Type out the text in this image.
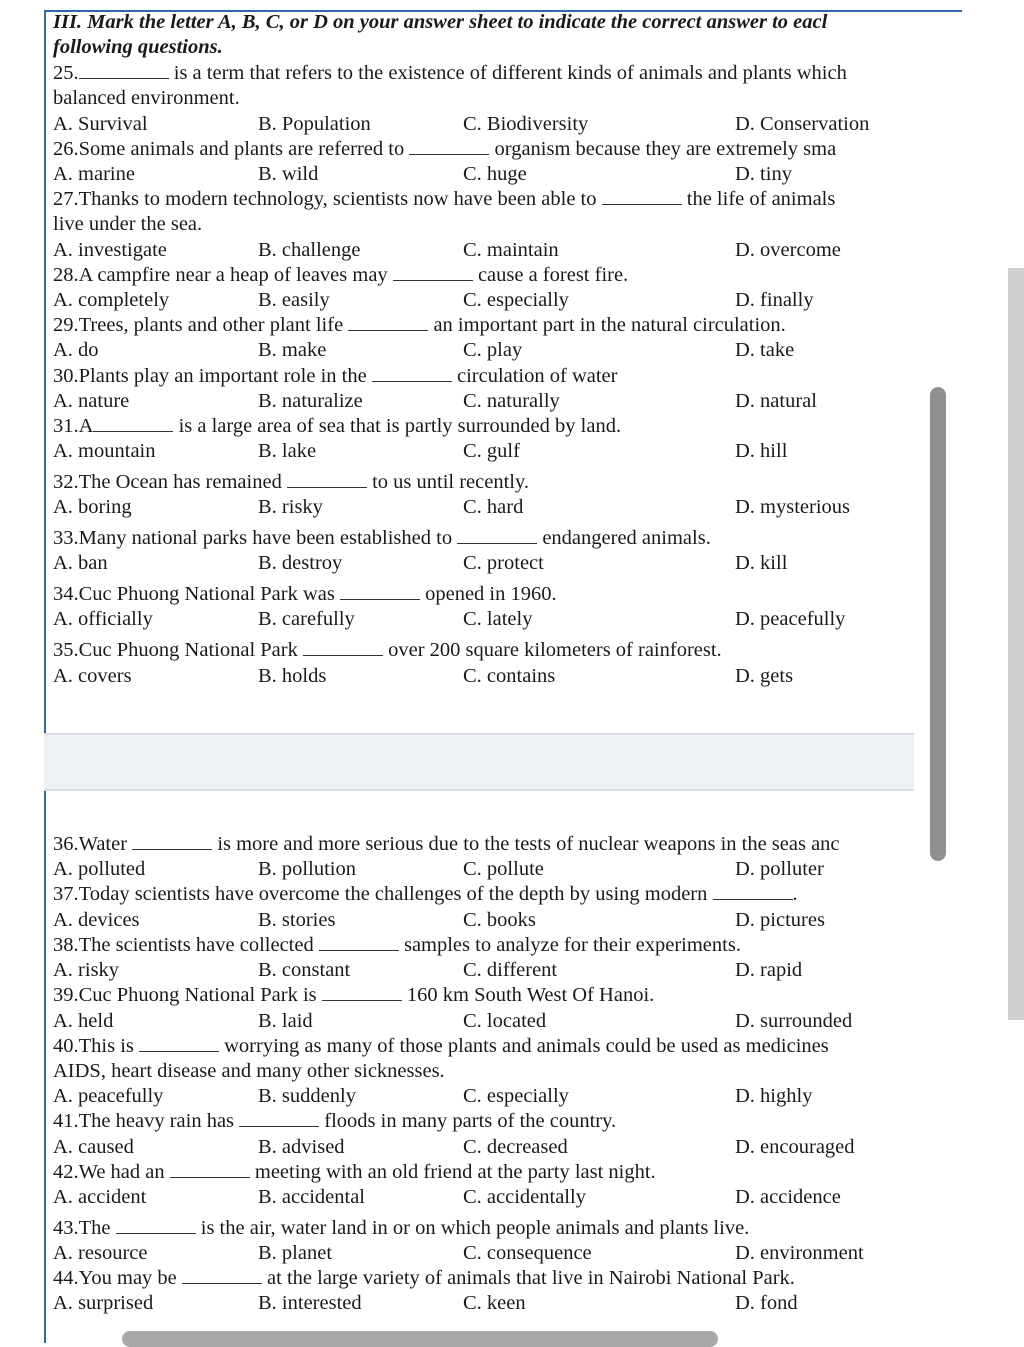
III. Mark the letter A, B, C, or D on your answer sheet to indicate the correct answer to eacl
following questions.
25.	is a term that refers to the existence of different kinds of animals and plants which
balanced environment.
A. Survival	B. Population	C. Biodiversity	D. Conservation
26.Some animals and plants are referred to	organism because they are extremely sma
A. marine	B. wild	C. huge	D. tiny
27.Thanks to modern technology, scientists now have been able to	the life of animals
live under the sea.
A. investigate	B. challenge	C. maintain	D. overcome
28.A campfire near a heap of leaves may	cause a forest fire.
A. completely	B. easily	C. especially	D. finally
29.Trees, plants and other plant life	an important part in the natural circulation.
A. do	B. make	C. play	D. take
30.Plants play an important role in the	circulation of water
A. nature	B. naturalize	C. naturally	D. natural
31.A	is a large area of sea that is partly surrounded by land.
A. mountain	B. lake	C. gulf	D. hill
32.The Ocean has remained	to us until recently.
A. boring	B. risky	C. hard	D. mysterious
33.Many national parks have been established to	endangered animals.
A. ban	B. destroy	C. protect	D. kill
34.Cuc Phuong National Park was	opened in 1960.
A. officially	B. carefully	C. lately	D. peacefully
35.Cuc Phuong National Park	over 200 square kilometers of rainforest.
A. covers	B. holds	C. contains	D. gets
36.Water	is more and more serious due to the tests of nuclear weapons in the seas anc
A. polluted	B. pollution	C. pollute	D. polluter
37.Today scientists have overcome the challenges of the depth by using modern	.
A. devices	B. stories	C. books	D. pictures
38.The scientists have collected	samples to analyze for their experiments.
A. risky	B. constant	C. different	D. rapid
39.Cuc Phuong National Park is	160 km South West Of Hanoi.
A. held	B. laid	C. located	D. surrounded
40.This is	worrying as many of those plants and animals could be used as medicines
AIDS, heart disease and many other sicknesses.
A. peacefully	B. suddenly	C. especially	D. highly
41.The heavy rain has	floods in many parts of the country.
A. caused	B. advised	C. decreased	D. encouraged
42.We had an	meeting with an old friend at the party last night.
A. accident	B. accidental	C. accidentally	D. accidence
43.The	is the air, water land in or on which people animals and plants live.
A. resource	B. planet	C. consequence	D. environment
44.You may be	at the large variety of animals that live in Nairobi National Park.
A. surprised	B. interested	C. keen	D. fond
